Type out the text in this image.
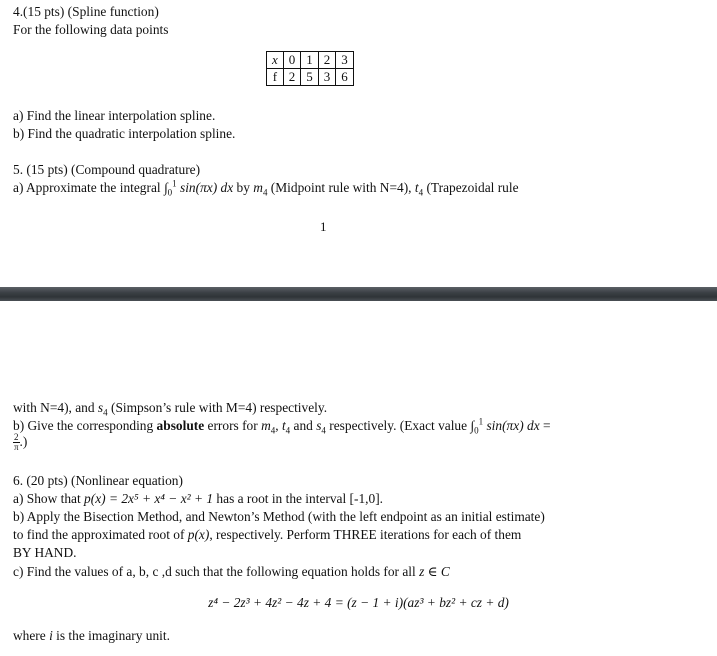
4.(15 pts) (Spline function)
For the following data points
x	0	1	2	3
f	2	5	3	6
a) Find the linear interpolation spline.
b) Find the quadratic interpolation spline.
5. (15 pts) (Compound quadrature)
a) Approximate the integral $\int_0^1$ sin(πx) dx by $m_4$ (Midpoint rule with N=4), $t_4$ (Trapezoidal rule
1
with N=4), and $s_4$ (Simpson’s rule with M=4) respectively.
b) Give the corresponding absolute errors for $m_4$, $t_4$ and $s_4$ respectively. (Exact value $\int_0^1$ sin(πx) dx =
$\frac{2}{\pi}$ .)
6. (20 pts) (Nonlinear equation)
a) Show that p(x) = 2x⁵ + x⁴ − x² + 1 has a root in the interval [-1,0].
b) Apply the Bisection Method, and Newton’s Method (with the left endpoint as an initial estimate)
to find the approximated root of p(x), respectively. Perform THREE iterations for each of them
BY HAND.
c) Find the values of a, b, c ,d such that the following equation holds for all z ∈ C
z⁴ − 2z³ + 4z² − 4z + 4 = (z − 1 + i)(az³ + bz² + cz + d)
where i is the imaginary unit.
